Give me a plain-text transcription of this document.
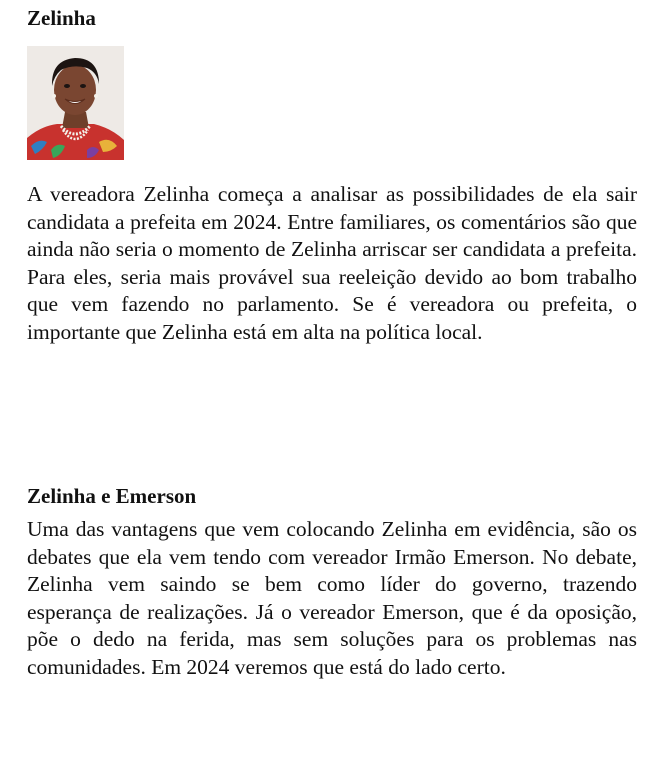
Zelinha

A vereadora Zelinha começa a analisar as possibilidades de ela sair candidata a prefeita em 2024. Entre familiares, os comentários são que ainda não seria o momento de Zelinha arriscar ser candidata a prefeita. Para eles, seria mais provável sua reeleição devido ao bom trabalho que vem fazendo no parlamento. Se é vereadora ou prefeita, o importante que Zelinha está em alta na política local.

Zelinha e Emerson

Uma das vantagens que vem colocando Zelinha em evidência, são os debates que ela vem tendo com vereador Irmão Emerson. No debate, Zelinha vem saindo se bem como líder do governo, trazendo esperança de realizações. Já o vereador Emerson, que é da oposição, põe o dedo na ferida, mas sem soluções para os problemas nas comunidades. Em 2024 veremos que está do lado certo.
